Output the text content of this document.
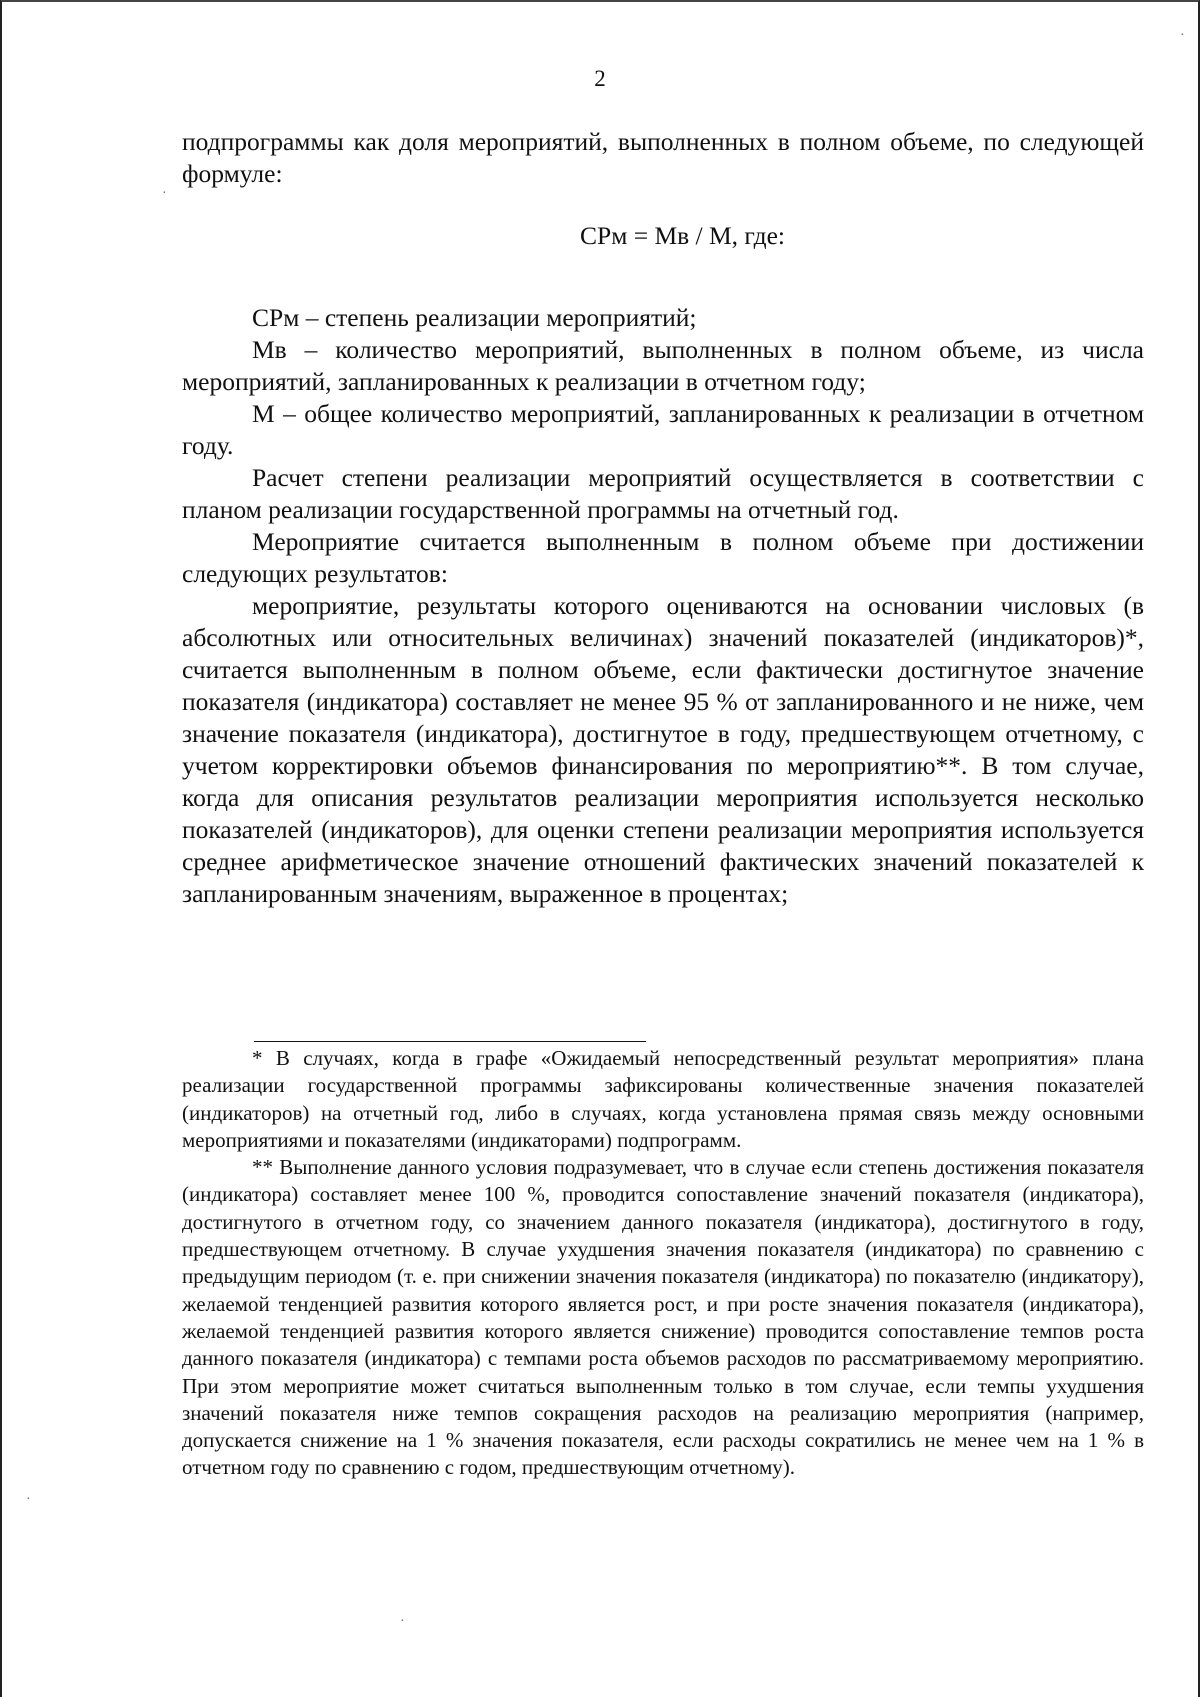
2

подпрограммы как доля мероприятий, выполненных в полном объеме, по следующей формуле:

СРм = Мв / М, где:

СРм – степень реализации мероприятий;

Мв – количество мероприятий, выполненных в полном объеме, из числа мероприятий, запланированных к реализации в отчетном году;

М – общее количество мероприятий, запланированных к реализации в отчетном году.

Расчет степени реализации мероприятий осуществляется в соответствии с планом реализации государственной программы на отчетный год.

Мероприятие считается выполненным в полном объеме при достижении следующих результатов:

мероприятие, результаты которого оцениваются на основании числовых (в абсолютных или относительных величинах) значений показателей (индикаторов)*, считается выполненным в полном объеме, если фактически достигнутое значение показателя (индикатора) составляет не менее 95 % от запланированного и не ниже, чем значение показателя (индикатора), достигнутое в году, предшествующем отчетному, с учетом корректировки объемов финансирования по мероприятию**. В том случае, когда для описания результатов реализации мероприятия используется несколько показателей (индикаторов), для оценки степени реализации мероприятия используется среднее арифметическое значение отношений фактических значений показателей к запланированным значениям, выраженное в процентах;

* В случаях, когда в графе «Ожидаемый непосредственный результат мероприятия» плана реализации государственной программы зафиксированы количественные значения показателей (индикаторов) на отчетный год, либо в случаях, когда установлена прямая связь между основными мероприятиями и показателями (индикаторами) подпрограмм.

** Выполнение данного условия подразумевает, что в случае если степень достижения показателя (индикатора) составляет менее 100 %, проводится сопоставление значений показателя (индикатора), достигнутого в отчетном году, со значением данного показателя (индикатора), достигнутого в году, предшествующем отчетному. В случае ухудшения значения показателя (индикатора) по сравнению с предыдущим периодом (т. е. при снижении значения показателя (индикатора) по показателю (индикатору), желаемой тенденцией развития которого является рост, и при росте значения показателя (индикатора), желаемой тенденцией развития которого является снижение) проводится сопоставление темпов роста данного показателя (индикатора) с темпами роста объемов расходов по рассматриваемому мероприятию. При этом мероприятие может считаться выполненным только в том случае, если темпы ухудшения значений показателя ниже темпов сокращения расходов на реализацию мероприятия (например, допускается снижение на 1 % значения показателя, если расходы сократились не менее чем на 1 % в отчетном году по сравнению с годом, предшествующим отчетному).

·
·
·
·
